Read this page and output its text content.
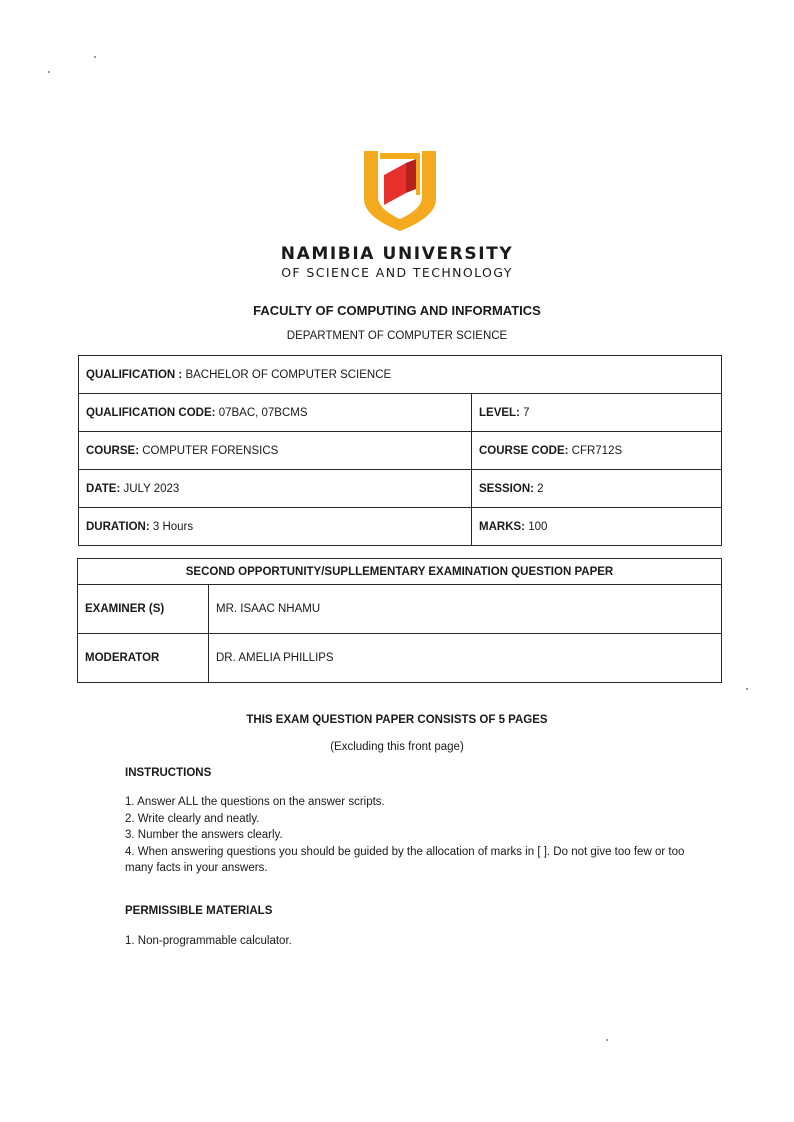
NAMIBIA UNIVERSITY
OF SCIENCE AND TECHNOLOGY
FACULTY OF COMPUTING AND INFORMATICS
DEPARTMENT OF COMPUTER SCIENCE
QUALIFICATION : BACHELOR OF COMPUTER SCIENCE	
QUALIFICATION CODE: 07BAC, 07BCMS	LEVEL: 7
COURSE: COMPUTER FORENSICS	COURSE CODE: CFR712S
DATE: JULY 2023	SESSION: 2
DURATION: 3 Hours	MARKS: 100
SECOND OPPORTUNITY/SUPLLEMENTARY EXAMINATION QUESTION PAPER	
EXAMINER (S)	MR. ISAAC NHAMU
MODERATOR	DR. AMELIA PHILLIPS
THIS EXAM QUESTION PAPER CONSISTS OF 5 PAGES
(Excluding this front page)
INSTRUCTIONS
1. Answer ALL the questions on the answer scripts.
2. Write clearly and neatly.
3. Number the answers clearly.
4. When answering questions you should be guided by the allocation of marks in [ ]. Do not give too few or too many facts in your answers.
PERMISSIBLE MATERIALS
1. Non-programmable calculator.
